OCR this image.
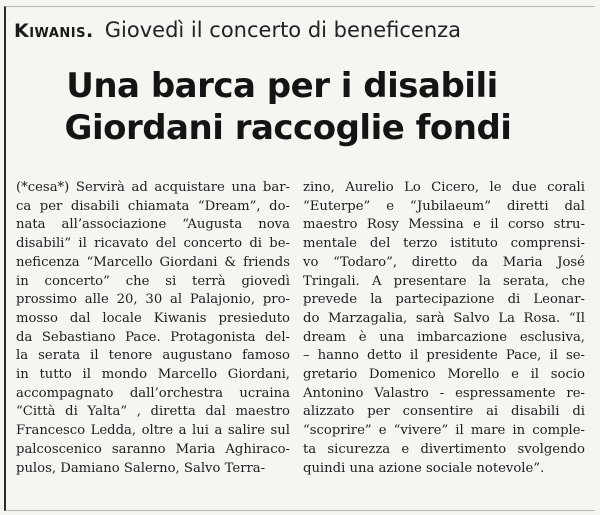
Kiwanis. Giovedì il concerto di beneficenza
Una barca per i disabili
Giordani raccoglie fondi
(*cesa*) Servirà ad acquistare una bar-
ca per disabili chiamata “Dream”, do-
nata all’associazione “Augusta nova
disabili” il ricavato del concerto di be-
neficenza “Marcello Giordani & friends
in concerto” che si terrà giovedì
prossimo alle 20, 30 al Palajonio, pro-
mosso dal locale Kiwanis presieduto
da Sebastiano Pace. Protagonista del-
la serata il tenore augustano famoso
in tutto il mondo Marcello Giordani,
accompagnato dall’orchestra ucraina
“Città di Yalta” , diretta dal maestro
Francesco Ledda, oltre a lui a salire sul
palcoscenico saranno Maria Aghiraco-
pulos, Damiano Salerno, Salvo Terra-
zino, Aurelio Lo Cicero, le due corali
“Euterpe” e “Jubilaeum” diretti dal
maestro Rosy Messina e il corso stru-
mentale del terzo istituto comprensi-
vo “Todaro”, diretto da Maria José
Tringali. A presentare la serata, che
prevede la partecipazione di Leonar-
do Marzagalia, sarà Salvo La Rosa. “Il
dream è una imbarcazione esclusiva,
– hanno detto il presidente Pace, il se-
gretario Domenico Morello e il socio
Antonino Valastro - espressamente re-
alizzato per consentire ai disabili di
“scoprire” e “vivere” il mare in comple-
ta sicurezza e divertimento svolgendo
quindi una azione sociale notevole”.
